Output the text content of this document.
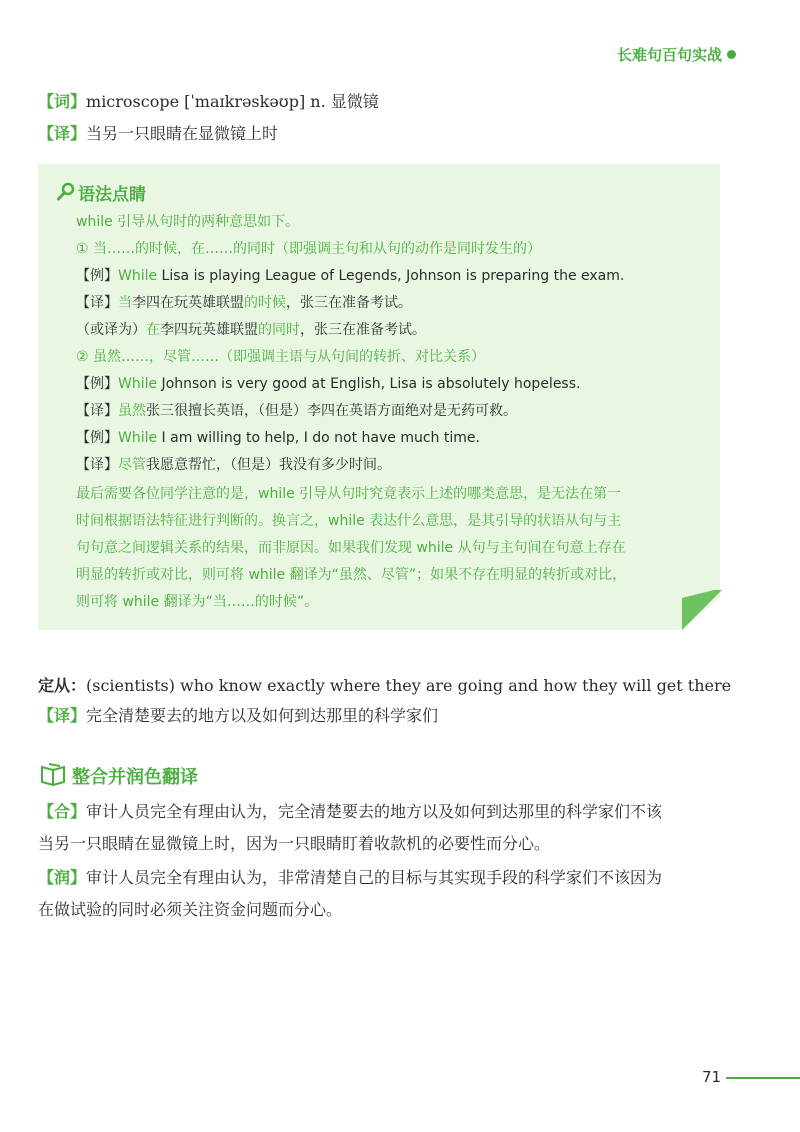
长难句百句实战
【词】microscope [ˈmaɪkrəskəʊp] n. 显微镜
【译】当另一只眼睛在显微镜上时
语法点睛
while 引导从句时的两种意思如下。
① 当……的时候，在……的同时（即强调主句和从句的动作是同时发生的）
【例】While Lisa is playing League of Legends, Johnson is preparing the exam.
【译】当李四在玩英雄联盟的时候，张三在准备考试。
（或译为）在李四玩英雄联盟的同时，张三在准备考试。
② 虽然……，尽管……（即强调主语与从句间的转折、对比关系）
【例】While Johnson is very good at English, Lisa is absolutely hopeless.
【译】虽然张三很擅长英语，（但是）李四在英语方面绝对是无药可救。
【例】While I am willing to help, I do not have much time.
【译】尽管我愿意帮忙，（但是）我没有多少时间。
最后需要各位同学注意的是，while 引导从句时究竟表示上述的哪类意思，是无法在第一
时间根据语法特征进行判断的。换言之，while 表达什么意思，是其引导的状语从句与主
句句意之间逻辑关系的结果，而非原因。如果我们发现 while 从句与主句间在句意上存在
明显的转折或对比，则可将 while 翻译为“虽然、尽管”；如果不存在明显的转折或对比，
则可将 while 翻译为“当……的时候”。
定从：(scientists) who know exactly where they are going and how they will get there
【译】完全清楚要去的地方以及如何到达那里的科学家们
整合并润色翻译
【合】审计人员完全有理由认为，完全清楚要去的地方以及如何到达那里的科学家们不该
当另一只眼睛在显微镜上时，因为一只眼睛盯着收款机的必要性而分心。
【润】审计人员完全有理由认为，非常清楚自己的目标与其实现手段的科学家们不该因为
在做试验的同时必须关注资金问题而分心。
71
